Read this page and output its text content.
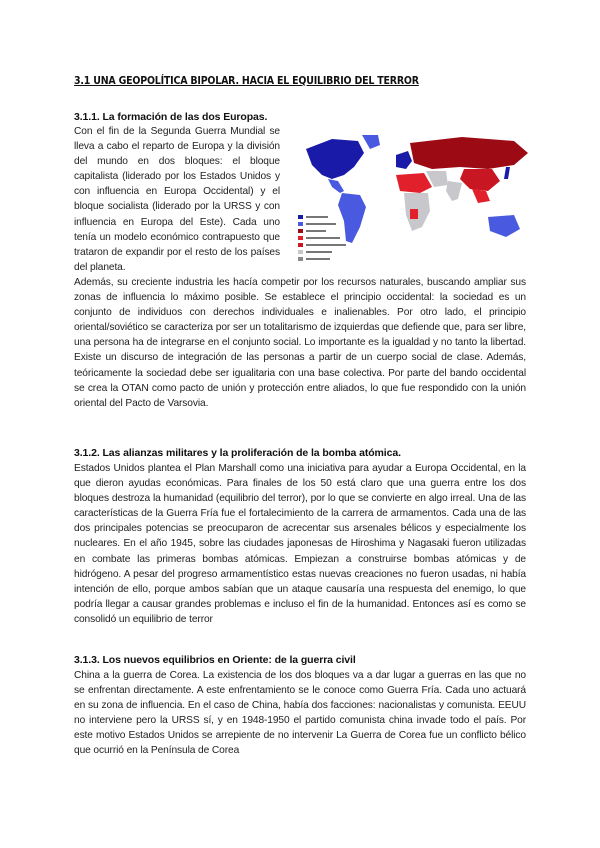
3.1 UNA GEOPOLÍTICA BIPOLAR. HACIA EL EQUILIBRIO DEL TERROR
3.1.1. La formación de las dos Europas.
Con el fin de la Segunda Guerra Mundial se lleva a cabo el reparto de Europa y la división del mundo en dos bloques: el bloque capitalista (liderado por los Estados Unidos y con influencia en Europa Occidental) y el bloque socialista (liderado por la URSS y con influencia en Europa del Este). Cada uno tenía un modelo económico contrapuesto que trataron de expandir por el resto de los países del planeta.
Además, su creciente industria les hacía competir por los recursos naturales, buscando ampliar sus zonas de influencia lo máximo posible. Se establece el principio occidental: la sociedad es un conjunto de individuos con derechos individuales e inalienables. Por otro lado, el principio oriental/soviético se caracteriza por ser un totalitarismo de izquierdas que defiende que, para ser libre, una persona ha de integrarse en el conjunto social. Lo importante es la igualdad y no tanto la libertad. Existe un discurso de integración de las personas a partir de un cuerpo social de clase. Además, teóricamente la sociedad debe ser igualitaria con una base colectiva. Por parte del bando occidental se crea la OTAN como pacto de unión y protección entre aliados, lo que fue respondido con la unión oriental del Pacto de Varsovia.
3.1.2. Las alianzas militares y la proliferación de la bomba atómica.
Estados Unidos plantea el Plan Marshall como una iniciativa para ayudar a Europa Occidental, en la que dieron ayudas económicas. Para finales de los 50 está claro que una guerra entre los dos bloques destroza la humanidad (equilibrio del terror), por lo que se convierte en algo irreal. Una de las características de la Guerra Fría fue el fortalecimiento de la carrera de armamentos. Cada una de las dos principales potencias se preocuparon de acrecentar sus arsenales bélicos y especialmente los nucleares. En el año 1945, sobre las ciudades japonesas de Hiroshima y Nagasaki fueron utilizadas en combate las primeras bombas atómicas. Empiezan a construirse bombas atómicas y de hidrógeno. A pesar del progreso armamentístico estas nuevas creaciones no fueron usadas, ni había intención de ello, porque ambos sabían que un ataque causaría una respuesta del enemigo, lo que podría llegar a causar grandes problemas e incluso el fin de la humanidad. Entonces así es como se consolidó un equilibrio de terror
3.1.3. Los nuevos equilibrios en Oriente: de la guerra civil
China a la guerra de Corea. La existencia de los dos bloques va a dar lugar a guerras en las que no se enfrentan directamente. A este enfrentamiento se le conoce como Guerra Fría. Cada uno actuará en su zona de influencia. En el caso de China, había dos facciones: nacionalistas y comunista. EEUU no interviene pero la URSS sí, y en 1948-1950 el partido comunista china invade todo el país. Por este motivo Estados Unidos se arrepiente de no intervenir La Guerra de Corea fue un conflicto bélico que ocurrió en la Península de Corea
